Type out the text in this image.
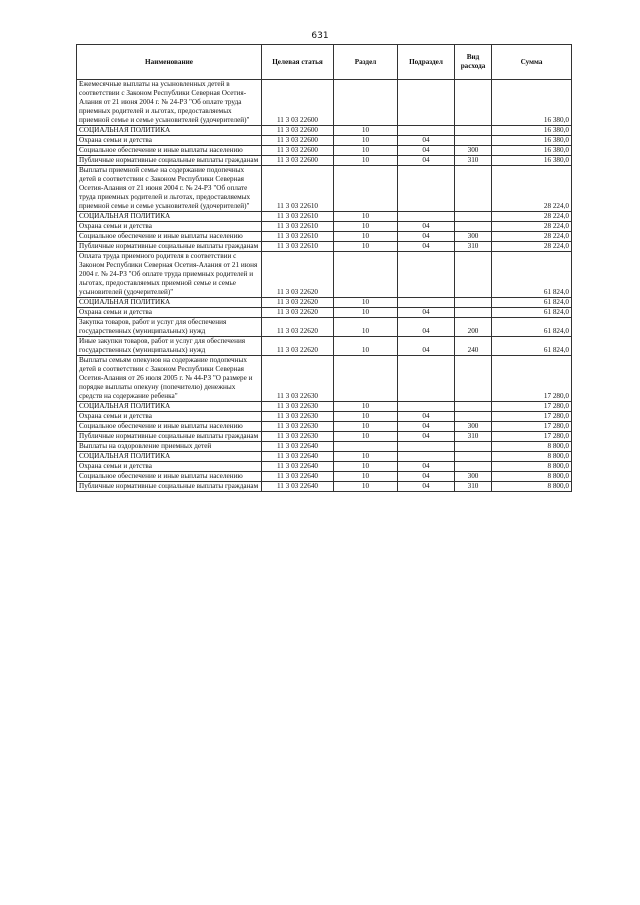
631
Наименование	Целевая статья	Раздел	Подраздел	Вид расхода	Сумма
Ежемесячные выплаты на усыновленных детей в соответствии с Законом Республики Северная Осетия-Алания от 21 июня 2004 г. № 24-РЗ "Об оплате труда приемных родителей и льготах, предоставляемых приемной семье и семье усыновителей (удочерителей)"	11 3 03 22600				16 380,0
СОЦИАЛЬНАЯ ПОЛИТИКА	11 3 03 22600	10			16 380,0
Охрана семьи и детства	11 3 03 22600	10	04		16 380,0
Социальное обеспечение и иные выплаты населению	11 3 03 22600	10	04	300	16 380,0
Публичные нормативные социальные выплаты гражданам	11 3 03 22600	10	04	310	16 380,0
Выплаты приемной семье на содержание подопечных детей в соответствии с Законом Республики Северная Осетия-Алания от 21 июня 2004 г. № 24-РЗ "Об оплате труда приемных родителей и льготах, предоставляемых приемной семье и семье усыновителей (удочерителей)"	11 3 03 22610				28 224,0
СОЦИАЛЬНАЯ ПОЛИТИКА	11 3 03 22610	10			28 224,0
Охрана семьи и детства	11 3 03 22610	10	04		28 224,0
Социальное обеспечение и иные выплаты населению	11 3 03 22610	10	04	300	28 224,0
Публичные нормативные социальные выплаты гражданам	11 3 03 22610	10	04	310	28 224,0
Оплата труда приемного родителя в соответствии с Законом Республики Северная Осетия-Алания от 21 июня 2004 г. № 24-РЗ "Об оплате труда приемных родителей и льготах, предоставляемых приемной семье и семье усыновителей (удочерителей)"	11 3 03 22620				61 824,0
СОЦИАЛЬНАЯ ПОЛИТИКА	11 3 03 22620	10			61 824,0
Охрана семьи и детства	11 3 03 22620	10	04		61 824,0
Закупка товаров, работ и услуг для обеспечения государственных (муниципальных) нужд	11 3 03 22620	10	04	200	61 824,0
Иные закупки товаров, работ и услуг для обеспечения государственных (муниципальных) нужд	11 3 03 22620	10	04	240	61 824,0
Выплаты семьям опекунов на содержание подопечных детей в соответствии с Законом Республики Северная Осетия-Алания от 26 июля 2005 г. № 44-РЗ "О размере и порядке выплаты опекуну (попечителю) денежных средств на содержание ребенка"	11 3 03 22630				17 280,0
СОЦИАЛЬНАЯ ПОЛИТИКА	11 3 03 22630	10			17 280,0
Охрана семьи и детства	11 3 03 22630	10	04		17 280,0
Социальное обеспечение и иные выплаты населению	11 3 03 22630	10	04	300	17 280,0
Публичные нормативные социальные выплаты гражданам	11 3 03 22630	10	04	310	17 280,0
Выплаты на оздоровление приемных детей	11 3 03 22640				8 800,0
СОЦИАЛЬНАЯ ПОЛИТИКА	11 3 03 22640	10			8 800,0
Охрана семьи и детства	11 3 03 22640	10	04		8 800,0
Социальное обеспечение и иные выплаты населению	11 3 03 22640	10	04	300	8 800,0
Публичные нормативные социальные выплаты гражданам	11 3 03 22640	10	04	310	8 800,0
